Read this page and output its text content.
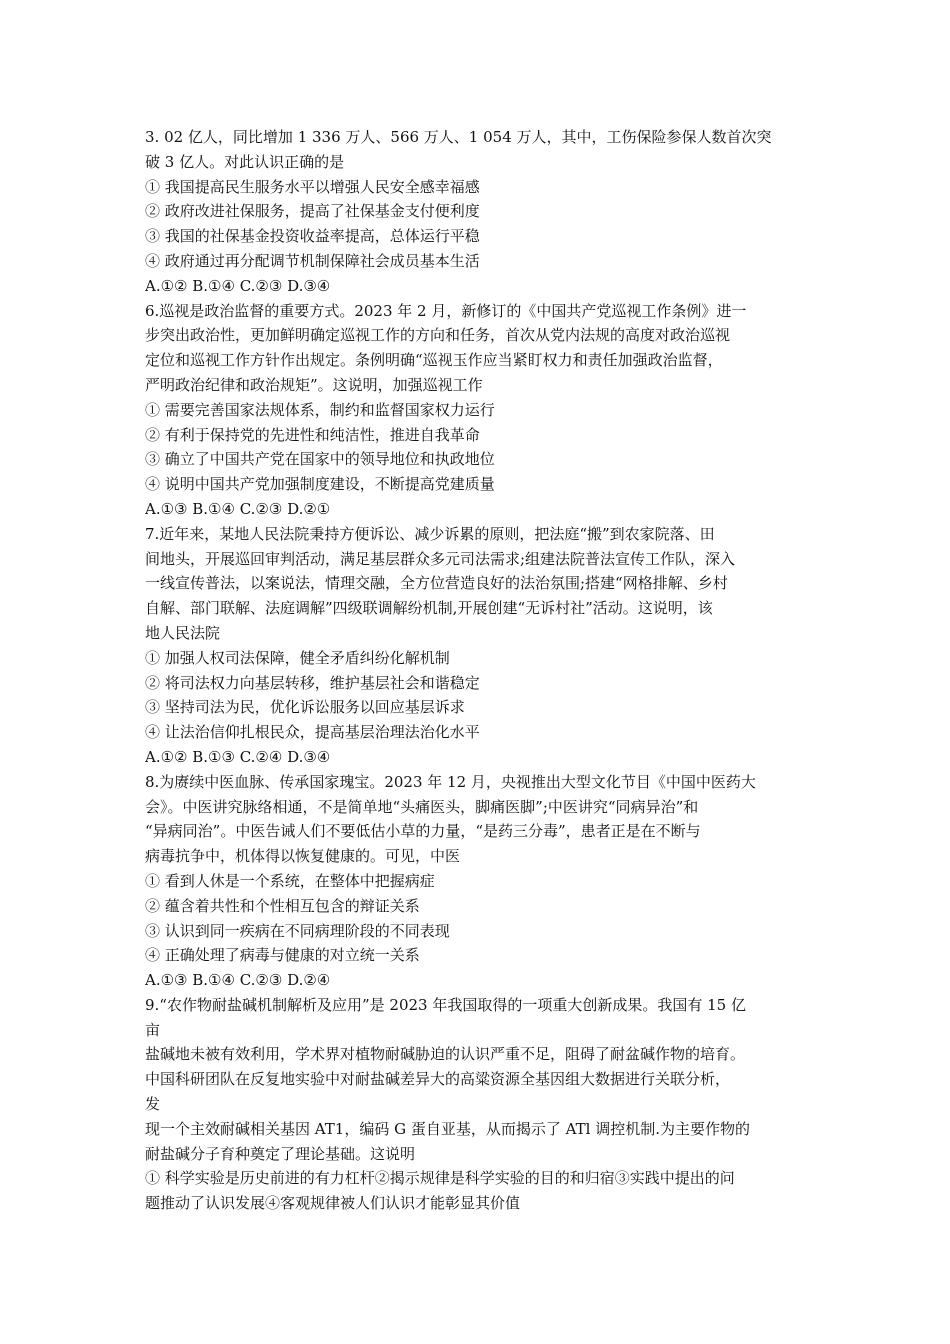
3. 02 亿人，同比增加 1 336 万人、566 万人、1 054 万人，其中，工伤保险参保人数首次突
破 3 亿人。对此认识正确的是
① 我国提高民生服务水平以增强人民安全感幸福感
② 政府改进社保服务，提高了社保基金支付便利度
③ 我国的社保基金投资收益率提高，总体运行平稳
④ 政府通过再分配调节机制保障社会成员基本生活
A.①② B.①④ C.②③ D.③④
6.巡视是政治监督的重要方式。2023 年 2 月，新修订的《中国共产党巡视工作条例》进一
步突出政治性，更加鲜明确定巡视工作的方向和任务，首次从党内法规的高度对政治巡视
定位和巡视工作方针作出规定。条例明确“巡视玉作应当紧盯权力和责任加强政治监督，
严明政治纪律和政治规矩”。这说明，加强巡视工作
① 需要完善国家法规体系，制约和监督国家权力运行
② 有利于保持党的先进性和纯洁性，推进自我革命
③ 确立了中国共产党在国家中的领导地位和执政地位
④ 说明中国共产党加强制度建设，不断提高党建质量
A.①③ B.①④ C.②③ D.②①
7.近年来，某地人民法院秉持方便诉讼、减少诉累的原则，把法庭“搬”到农家院落、田
间地头，开展巡回审判活动，满足基层群众多元司法需求;组建法院普法宣传工作队，深入
一线宣传普法，以案说法，情理交融，全方位营造良好的法治氛围;搭建“网格排解、乡村
自解、部门联解、法庭调解”四级联调解纷机制,开展创建“无诉村社”活动。这说明，该
地人民法院
① 加强人权司法保障，健全矛盾纠纷化解机制
② 将司法权力向基层转移，维护基层社会和谐稳定
③ 坚持司法为民，优化诉讼服务以回应基层诉求
④ 让法治信仰扎根民众，提高基层治理法治化水平
A.①② B.①③ C.②④ D.③④
8.为赓续中医血脉、传承国家瑰宝。2023 年 12 月，央视推出大型文化节目《中国中医药大
会》。中医讲究脉络相通，不是简单地“头痛医头，脚痛医脚”;中医讲究“同病异治”和
“异病同治”。中医告诫人们不要低估小草的力量，“是药三分毒”，患者正是在不断与
病毒抗争中，机体得以恢复健康的。可见，中医
① 看到人休是一个系统，在整体中把握病症
② 蕴含着共性和个性相互包含的辩证关系
③ 认识到同一疾病在不同病理阶段的不同表现
④ 正确处理了病毒与健康的对立统一关系
A.①③ B.①④ C.②③ D.②④
9.“农作物耐盐碱机制解析及应用”是 2023 年我国取得的一项重大创新成果。我国有 15 亿
亩
盐碱地未被有效利用，学术界对植物耐碱胁迫的认识严重不足，阻碍了耐盆碱作物的培育。
中国科研团队在反复地实验中对耐盐碱差异大的高粱资源全基因组大数据进行关联分析，
发
现一个主效耐碱相关基因 AT1，编码 G 蛋自亚基，从而揭示了 ATl 调控机制.为主要作物的
耐盐碱分子育种奠定了理论基础。这说明
① 科学实验是历史前进的有力杠杆②揭示规律是科学实验的目的和归宿③实践中提出的问
题推动了认识发展④客观规律被人们认识才能彰显其价值
